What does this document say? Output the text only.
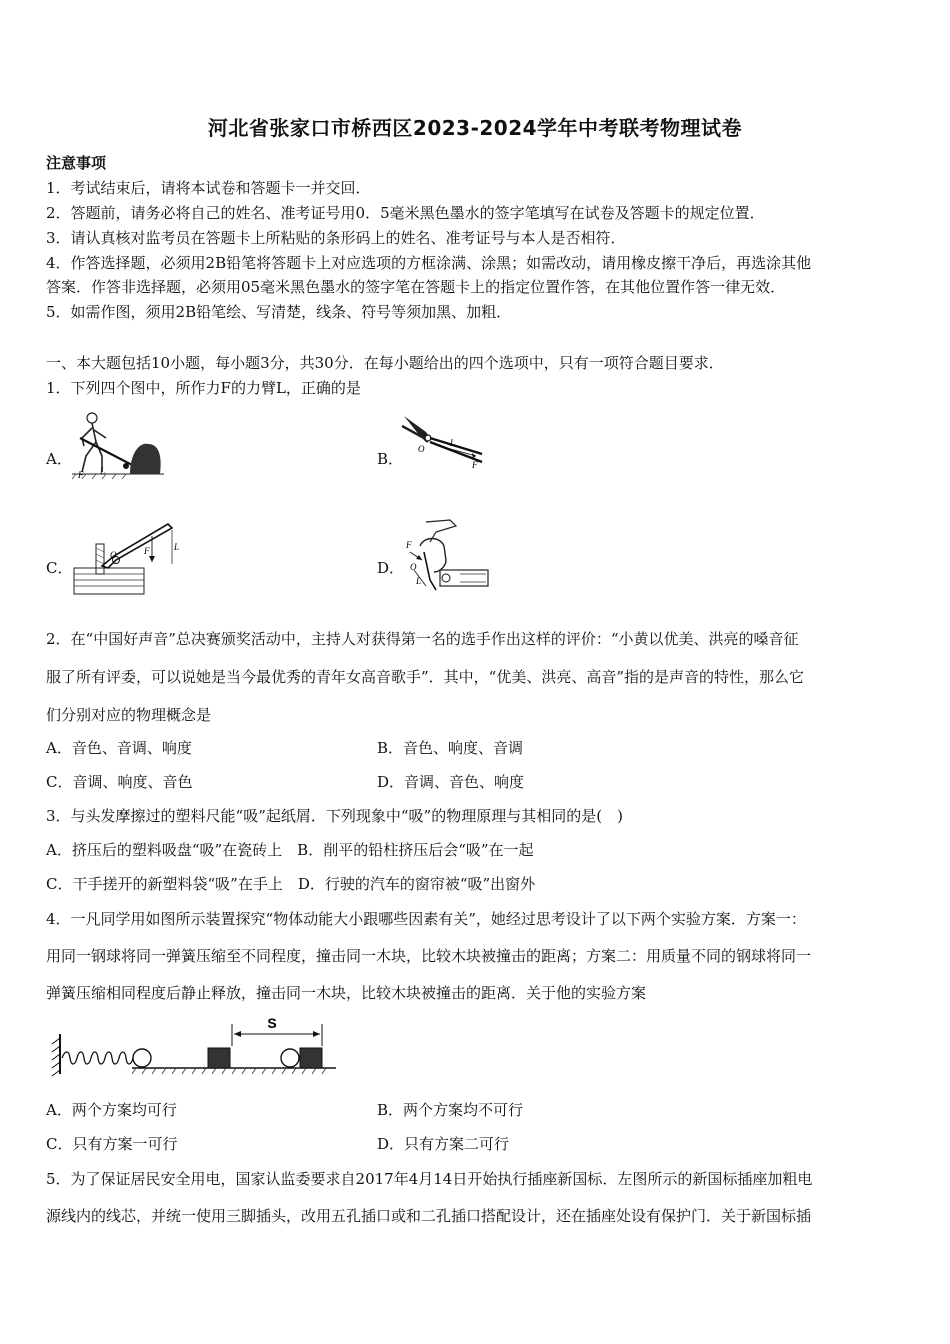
河北省张家口市桥西区2023-2024学年中考联考物理试卷
注意事项
1．考试结束后，请将本试卷和答题卡一并交回．
2．答题前，请务必将自己的姓名、准考证号用0．5毫米黑色墨水的签字笔填写在试卷及答题卡的规定位置．
3．请认真核对监考员在答题卡上所粘贴的条形码上的姓名、准考证号与本人是否相符．
4．作答选择题，必须用2B铅笔将答题卡上对应选项的方框涂满、涂黑；如需改动，请用橡皮擦干净后，再选涂其他
答案．作答非选择题，必须用05毫米黑色墨水的签字笔在答题卡上的指定位置作答，在其他位置作答一律无效．
5．如需作图，须用2B铅笔绘、写清楚，线条、符号等须加黑、加粗．
一、本大题包括10小题，每小题3分，共30分．在每小题给出的四个选项中，只有一项符合题目要求．
1．下列四个图中，所作力F的力臂L，正确的是
A．	B．
C．	D．
F L
O
L
F
O	F	L	F
O
L
2．在“中国好声音”总决赛颁奖活动中，主持人对获得第一名的选手作出这样的评价：“小黄以优美、洪亮的嗓音征
服了所有评委，可以说她是当今最优秀的青年女高音歌手”．其中，“优美、洪亮、高音”指的是声音的特性，那么它
们分别对应的物理概念是
A．音色、音调、响度	B．音色、响度、音调
C．音调、响度、音色	D．音调、音色、响度
3．与头发摩擦过的塑料尺能“吸”起纸屑．下列现象中“吸”的物理原理与其相同的是(　)
A．挤压后的塑料吸盘“吸”在瓷砖上　B．削平的铅柱挤压后会“吸”在一起
C．干手搓开的新塑料袋“吸”在手上　D．行驶的汽车的窗帘被“吸”出窗外
4．一凡同学用如图所示装置探究“物体动能大小跟哪些因素有关”，她经过思考设计了以下两个实验方案．方案一：
用同一钢球将同一弹簧压缩至不同程度，撞击同一木块，比较木块被撞击的距离；方案二：用质量不同的钢球将同一
弹簧压缩相同程度后静止释放，撞击同一木块，比较木块被撞击的距离．关于他的实验方案
S
A．两个方案均可行	B．两个方案均不可行
C．只有方案一可行	D．只有方案二可行
5．为了保证居民安全用电，国家认监委要求自2017年4月14日开始执行插座新国标．左图所示的新国标插座加粗电
源线内的线芯，并统一使用三脚插头，改用五孔插口或和二孔插口搭配设计，还在插座处设有保护门．关于新国标插
